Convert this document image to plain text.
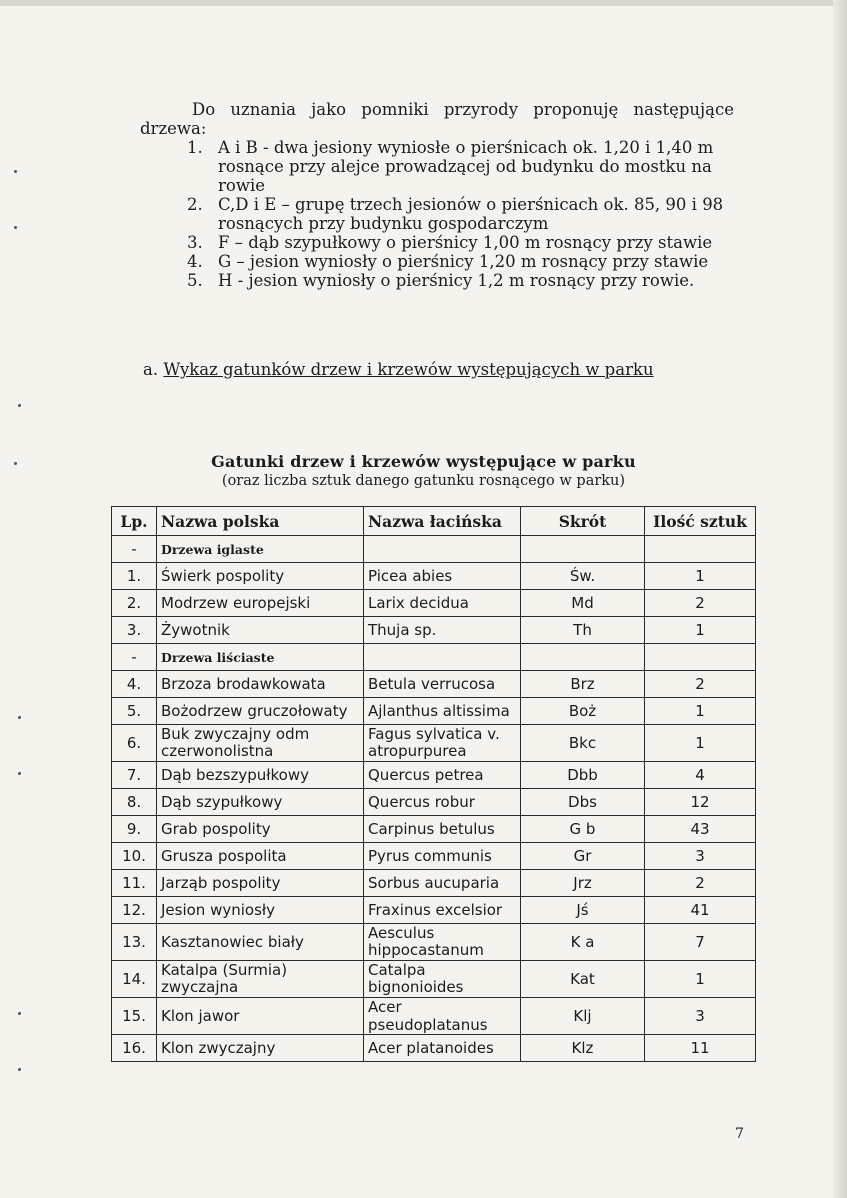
Do uznania jako pomniki przyrody proponuję następujące
drzewa:
1. A i B - dwa jesiony wyniosłe o pierśnicach ok. 1,20 i 1,40 m rosnące przy alejce prowadzącej od budynku do mostku na rowie
2. C,D i E – grupę trzech jesionów o pierśnicach ok. 85, 90 i 98 rosnących przy budynku gospodarczym
3. F – dąb szypułkowy o pierśnicy 1,00 m rosnący przy stawie
4. G – jesion wyniosły o pierśnicy 1,20 m rosnący przy stawie
5. H - jesion wyniosły o pierśnicy 1,2 m rosnący przy rowie.
a. Wykaz gatunków drzew i krzewów występujących w parku
Gatunki drzew i krzewów występujące w parku
(oraz liczba sztuk danego gatunku rosnącego w parku)
Lp.	Nazwa polska	Nazwa łacińska	Skrót	Ilość sztuk
-	Drzewa iglaste			
1.	Świerk pospolity	Picea abies	Św.	1
2.	Modrzew europejski	Larix decidua	Md	2
3.	Żywotnik	Thuja sp.	Th	1
-	Drzewa liściaste			
4.	Brzoza brodawkowata	Betula verrucosa	Brz	2
5.	Bożodrzew gruczołowaty	Ajlanthus altissima	Boż	1
6.	Buk zwyczajny odm czerwonolistna	Fagus sylvatica v. atropurpurea	Bkc	1
7.	Dąb bezszypułkowy	Quercus petrea	Dbb	4
8.	Dąb szypułkowy	Quercus robur	Dbs	12
9.	Grab pospolity	Carpinus betulus	G b	43
10.	Grusza pospolita	Pyrus communis	Gr	3
11.	Jarząb pospolity	Sorbus aucuparia	Jrz	2
12.	Jesion wyniosły	Fraxinus excelsior	Jś	41
13.	Kasztanowiec biały	Aesculus hippocastanum	K a	7
14.	Katalpa (Surmia) zwyczajna	Catalpa bignonioides	Kat	1
15.	Klon jawor	Acer pseudoplatanus	Klj	3
16.	Klon zwyczajny	Acer platanoides	Klz	11
7
